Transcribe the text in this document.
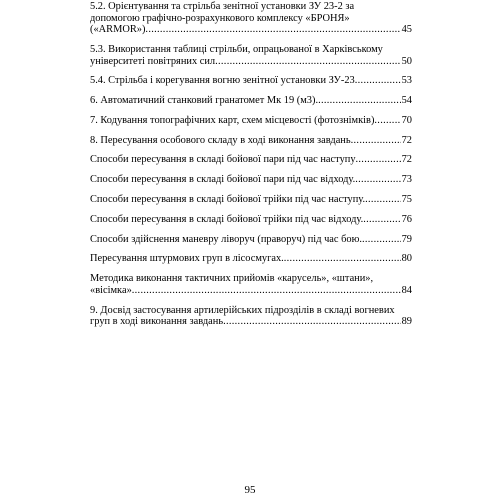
5.2. Орієнтування та стрільба зенітної установки ЗУ 23-2 за
допомогою графічно-розрахункового комплексу «БРОНЯ»
(«ARMOR») .....	45
5.3. Використання таблиці стрільби, опрацьованої в Харківському
університеті повітряних сил .....	50
5.4. Стрільба і корегування вогню зенітної установки ЗУ-23 .....	53
6. Автоматичний станковий гранатомет Мк 19 (м3). .....	54
7. Кодування топографічних карт, схем місцевості (фотознімків) .....	70
8. Пересування особового складу в ході виконання завдань .....	72
Способи пересування в складі бойової пари під час наступу .....	72
Способи пересування в складі бойової пари під час відходу. .....	73
Способи пересування в складі бойової трійки під час наступу. .....	75
Способи пересування в складі бойової трійки під час відходу. .....	76
Способи здійснення маневру ліворуч (праворуч) під час бою. .....	79
Пересування штурмових груп в лісосмугах. .....	80
Методика виконання тактичних прийомів «карусель», «штани»,
«вісімка» .....	84
9. Досвід застосування артилерійських підрозділів в складі вогневих
груп в ході виконання завдань .....	89
95
